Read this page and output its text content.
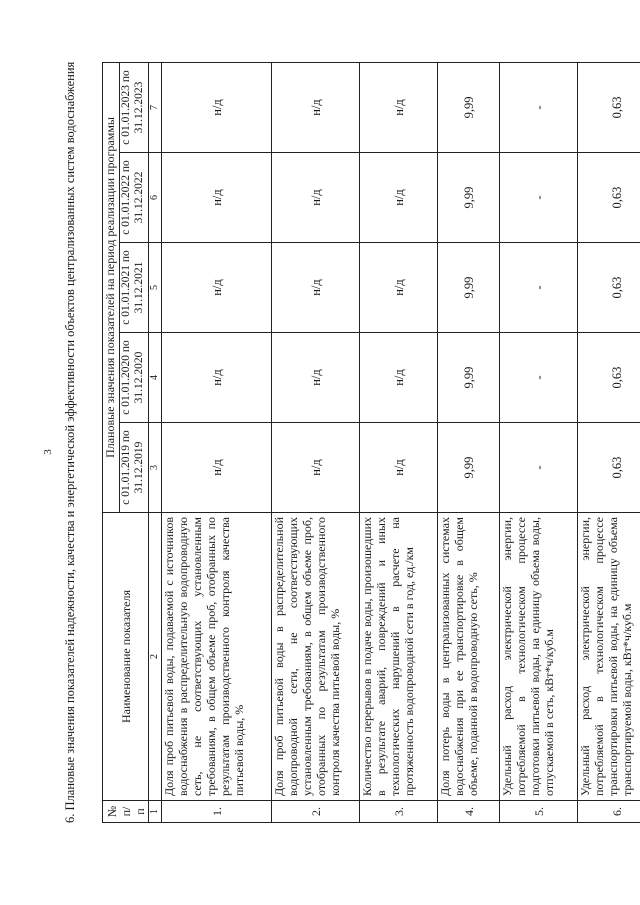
3 6. Плановые значения показателей надежности, качества и энергетической эффективности объектов централизованных систем водоснабжения	№ п/п	Наименование показателя	Плановые значения показателей на период реализации программы				
		с 01.01.2019 по 31.12.2019	с 01.01.2020 по 31.12.2020	с 01.01.2021 по 31.12.2021	с 01.01.2022 по 31.12.2022	с 01.01.2023 по 31.12.2023
1	2	3	4	5	6	7
1.	Доля проб питьевой воды, подаваемой с источников водоснабжения в распределительную водопроводную сеть, не соответствующих установленным требованиям, в общем объеме проб, отобранных по результатам производственного контроля качества питьевой воды, %	н/д	н/д	н/д	н/д	н/д
2.	Доля проб питьевой воды в распределительной водопроводной сети, не соответствующих установленным требованиям, в общем объеме проб, отобранных по результатам производственного контроля качества питьевой воды, %	н/д	н/д	н/д	н/д	н/д
3.	Количество перерывов в подаче воды, произошедших в результате аварий, повреждений и иных технологических нарушений в расчете на протяженность водопроводной сети в год, ед./км	н/д	н/д	н/д	н/д	н/д
4.	Доля потерь воды в централизованных системах водоснабжения при ее транспортировке в общем объеме, поданной в водопроводную сеть, %	9,99	9,99	9,99	9,99	9,99
5.	Удельный расход электрической энергии, потребляемой в технологическом процессе подготовки питьевой воды, на единицу объема воды, отпускаемой в сеть, кВт*ч/куб.м	-	-	-	-	-
6.	Удельный расход электрической энергии, потребляемой в технологическом процессе транспортировки питьевой воды, на единицу объема транспортируемой воды, кВт*ч/куб.м	0,63	0,63	0,63	0,63	0,63
